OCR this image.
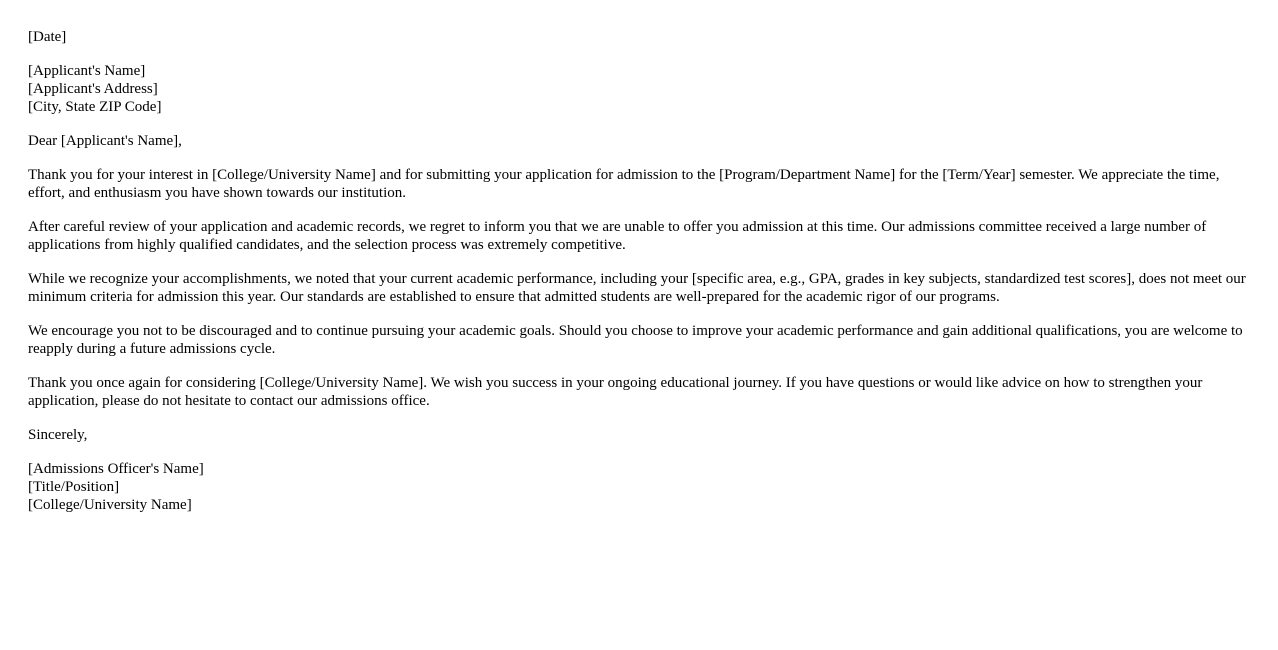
[Date]
[Applicant's Name]
[Applicant's Address]
[City, State ZIP Code]
Dear [Applicant's Name],

Thank you for your interest in [College/University Name] and for submitting your application for admission to the [Program/Department Name] for the [Term/Year] semester. We appreciate the time, effort, and enthusiasm you have shown towards our institution.

After careful review of your application and academic records, we regret to inform you that we are unable to offer you admission at this time. Our admissions committee received a large number of applications from highly qualified candidates, and the selection process was extremely competitive.

While we recognize your accomplishments, we noted that your current academic performance, including your [specific area, e.g., GPA, grades in key subjects, standardized test scores], does not meet our minimum criteria for admission this year. Our standards are established to ensure that admitted students are well-prepared for the academic rigor of our programs.

We encourage you not to be discouraged and to continue pursuing your academic goals. Should you choose to improve your academic performance and gain additional qualifications, you are welcome to reapply during a future admissions cycle.

Thank you once again for considering [College/University Name]. We wish you success in your ongoing educational journey. If you have questions or would like advice on how to strengthen your application, please do not hesitate to contact our admissions office.

Sincerely,
[Admissions Officer's Name]
[Title/Position]
[College/University Name]
